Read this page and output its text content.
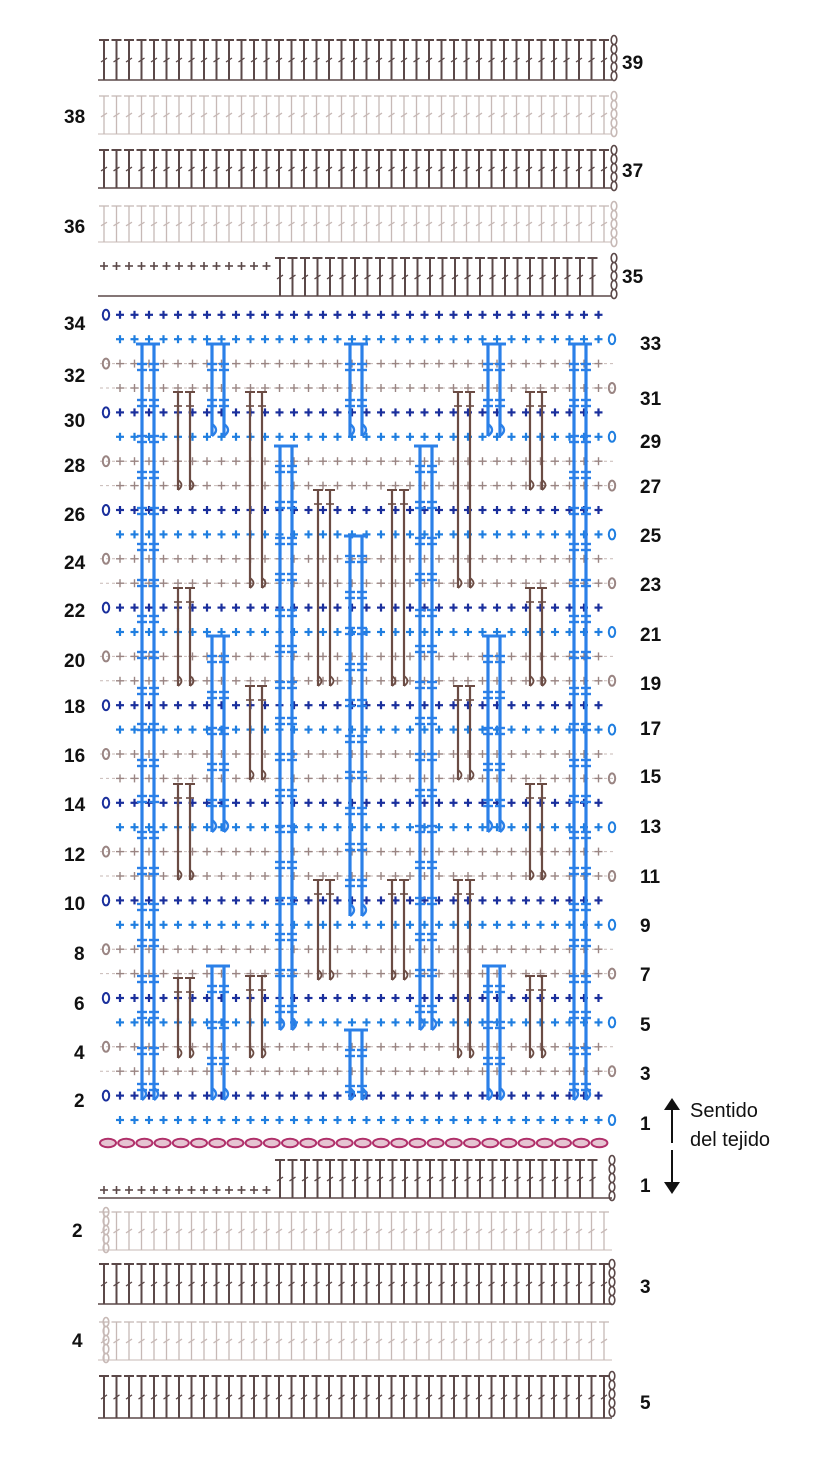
39
38
37
36
35
34
32
30
28
26
24
22
20
18
16
14
12
10
8
6
4
2
33
31
29
27
25
23
21
19
17
15
13
11
9
7
5
3
1
1
2
3
4
5
Sentido
del tejido
